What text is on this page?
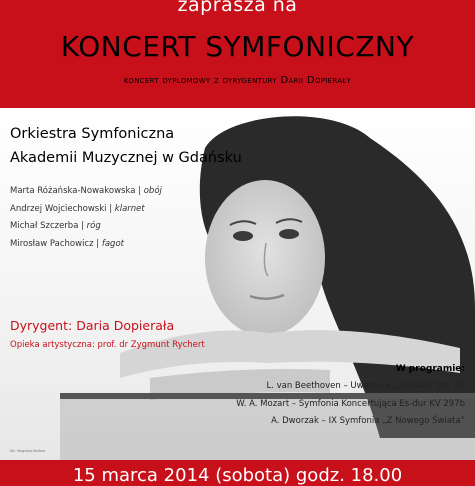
zaprasza na
KONCERT SYMFONICZNY
koncert dyplomowy z dyrygentury Darii Dopierały
Orkiestra Symfoniczna
Akademii Muzycznej w Gdańsku
Marta Różańska-Nowakowska | obój
Andrzej Wojciechowski | klarnet
Michał Szczerba | róg
Mirosław Pachowicz | fagot
Dyrygent: Daria Dopierała
Opieka artystyczna: prof. dr Zygmunt Rychert
W programie:
L. van Beethoven – Uwertura „Coriolan” op. 62
W. A. Mozart – Symfonia Koncertująca Es-dur KV 297b
A. Dworzak – IX Symfonia „Z Nowego Świata”
fot. Magdala Kozłow
15 marca 2014 (sobota) godz. 18.00
